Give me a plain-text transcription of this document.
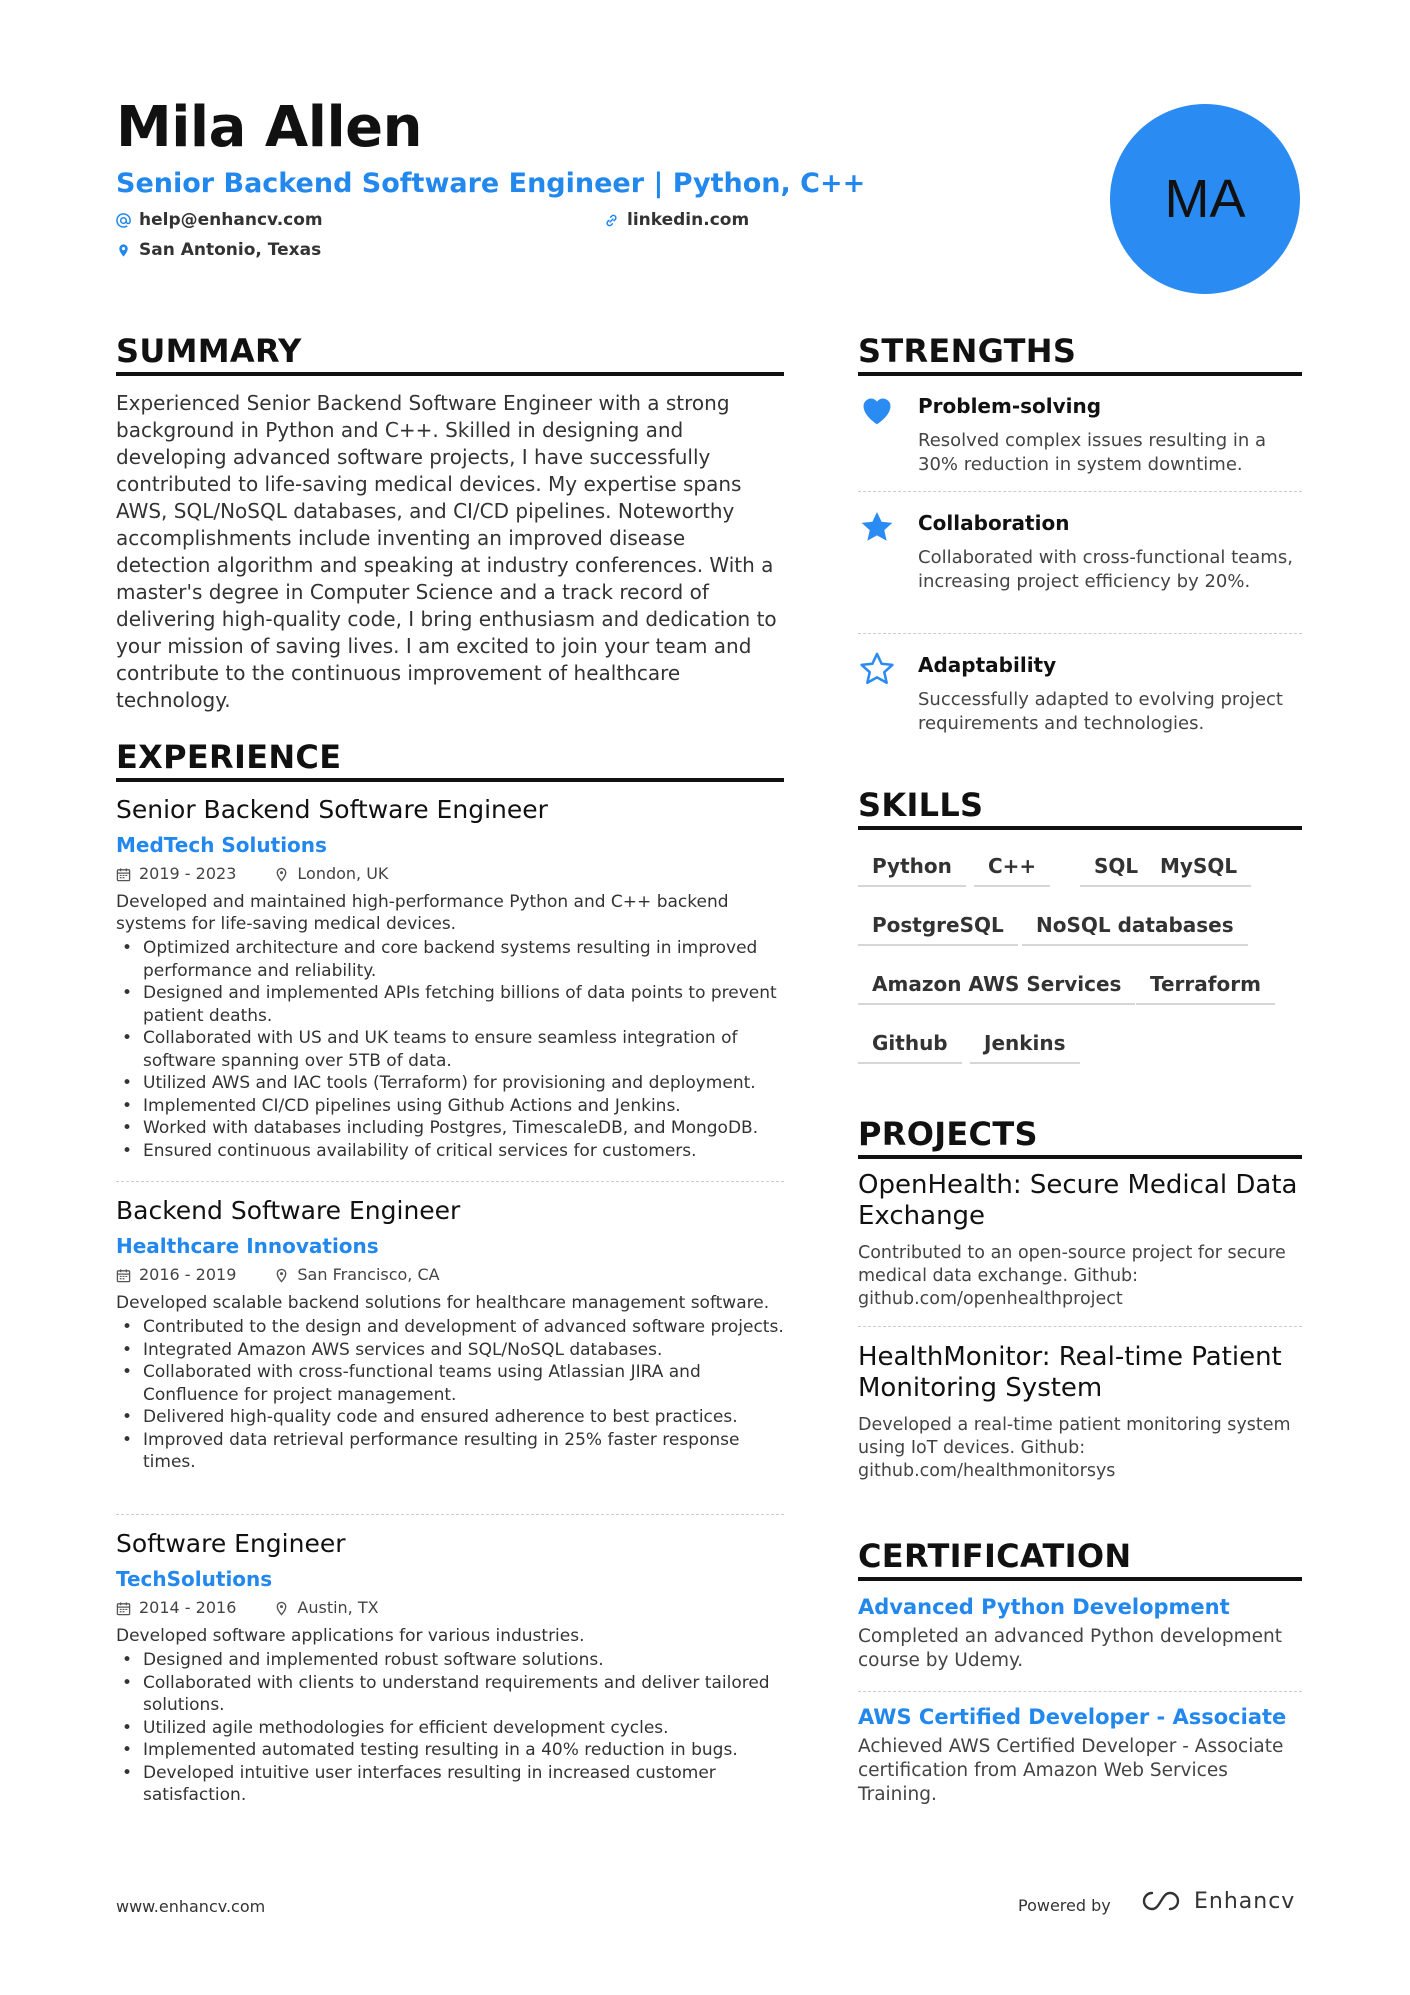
Mila Allen
Senior Backend Software Engineer | Python, C++
help@enhancv.com	linkedin.com
San Antonio, Texas
MA
SUMMARY
Experienced Senior Backend Software Engineer with a strong background in Python and C++. Skilled in designing and developing advanced software projects, I have successfully contributed to life-saving medical devices. My expertise spans AWS, SQL/NoSQL databases, and CI/CD pipelines. Noteworthy accomplishments include inventing an improved disease detection algorithm and speaking at industry conferences. With a master's degree in Computer Science and a track record of delivering high-quality code, I bring enthusiasm and dedication to your mission of saving lives. I am excited to join your team and contribute to the continuous improvement of healthcare technology.
EXPERIENCE
Senior Backend Software Engineer
MedTech Solutions
2019 - 2023	London, UK
Developed and maintained high-performance Python and C++ backend systems for life-saving medical devices.
• Optimized architecture and core backend systems resulting in improved performance and reliability.
• Designed and implemented APIs fetching billions of data points to prevent patient deaths.
• Collaborated with US and UK teams to ensure seamless integration of software spanning over 5TB of data.
• Utilized AWS and IAC tools (Terraform) for provisioning and deployment.
• Implemented CI/CD pipelines using Github Actions and Jenkins.
• Worked with databases including Postgres, TimescaleDB, and MongoDB.
• Ensured continuous availability of critical services for customers.
Backend Software Engineer
Healthcare Innovations
2016 - 2019	San Francisco, CA
Developed scalable backend solutions for healthcare management software.
• Contributed to the design and development of advanced software projects.
• Integrated Amazon AWS services and SQL/NoSQL databases.
• Collaborated with cross-functional teams using Atlassian JIRA and Confluence for project management.
• Delivered high-quality code and ensured adherence to best practices.
• Improved data retrieval performance resulting in 25% faster response times.
Software Engineer
TechSolutions
2014 - 2016	Austin, TX
Developed software applications for various industries.
• Designed and implemented robust software solutions.
• Collaborated with clients to understand requirements and deliver tailored solutions.
• Utilized agile methodologies for efficient development cycles.
• Implemented automated testing resulting in a 40% reduction in bugs.
• Developed intuitive user interfaces resulting in increased customer satisfaction.
STRENGTHS
Problem-solving
Resolved complex issues resulting in a 30% reduction in system downtime.
Collaboration
Collaborated with cross-functional teams, increasing project efficiency by 20%.
Adaptability
Successfully adapted to evolving project requirements and technologies.
SKILLS
Python	C++	SQL	MySQL
PostgreSQL	NoSQL databases
Amazon AWS Services	Terraform
Github	Jenkins
PROJECTS
OpenHealth: Secure Medical Data Exchange
Contributed to an open-source project for secure medical data exchange. Github: github.com/openhealthproject
HealthMonitor: Real-time Patient Monitoring System
Developed a real-time patient monitoring system using IoT devices. Github: github.com/healthmonitorsys
CERTIFICATION
Advanced Python Development
Completed an advanced Python development course by Udemy.
AWS Certified Developer - Associate
Achieved AWS Certified Developer - Associate certification from Amazon Web Services Training.
www.enhancv.com	Powered by	Enhancv
